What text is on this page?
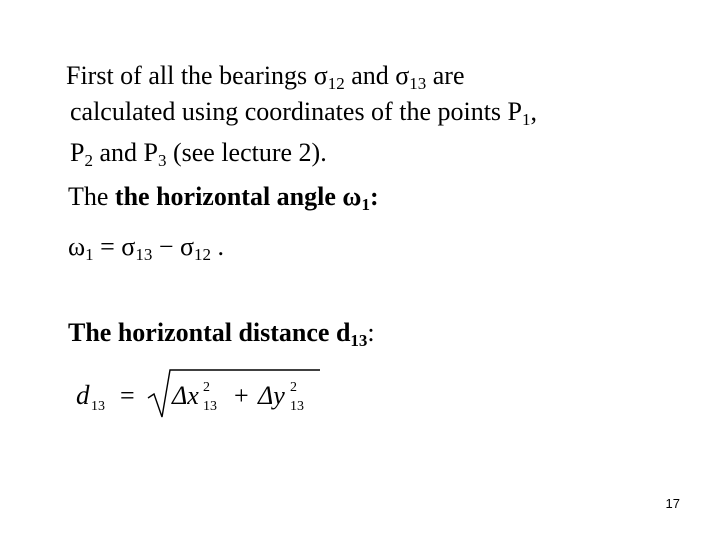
First of all the bearings $\sigma_{12}$ and $\sigma_{13}$ are
calculated using coordinates of the points $P_1$,
$P_2$ and $P_3$ (see lecture 2).
The the horizontal angle $\omega_1$:
$\omega_1 = \sigma_{13} - \sigma_{12}$ .
The horizontal distance $d_{13}$:
d 13 = Δx 2
13 + Δy 2
13
17
